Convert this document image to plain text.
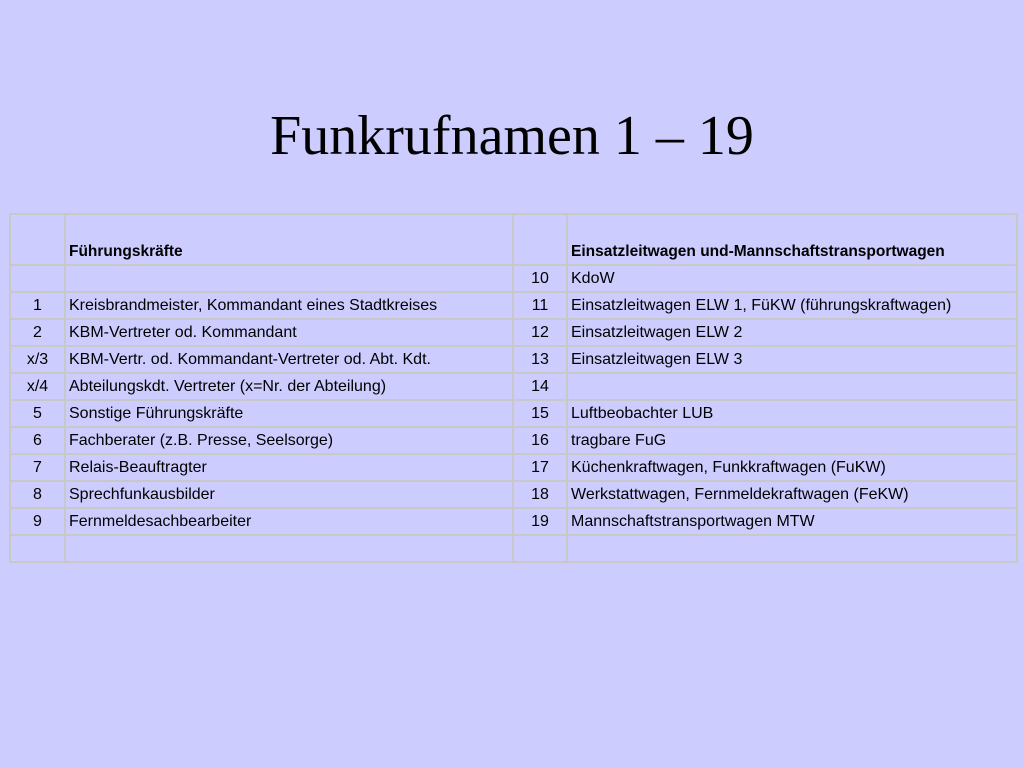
Funkrufnamen 1 – 19
	Führungskräfte		Einsatzleitwagen und-Mannschaftstransportwagen
		10	KdoW
1	Kreisbrandmeister, Kommandant eines Stadtkreises	11	Einsatzleitwagen ELW 1, FüKW (führungskraftwagen)
2	KBM-Vertreter od. Kommandant	12	Einsatzleitwagen ELW 2
x/3	KBM-Vertr. od. Kommandant-Vertreter od. Abt. Kdt.	13	Einsatzleitwagen ELW 3
x/4	Abteilungskdt. Vertreter (x=Nr. der Abteilung)	14	
5	Sonstige Führungskräfte	15	Luftbeobachter LUB
6	Fachberater (z.B. Presse, Seelsorge)	16	tragbare FuG
7	Relais-Beauftragter	17	Küchenkraftwagen, Funkkraftwagen (FuKW)
8	Sprechfunkausbilder	18	Werkstattwagen, Fernmeldekraftwagen (FeKW)
9	Fernmeldesachbearbeiter	19	Mannschaftstransportwagen MTW
